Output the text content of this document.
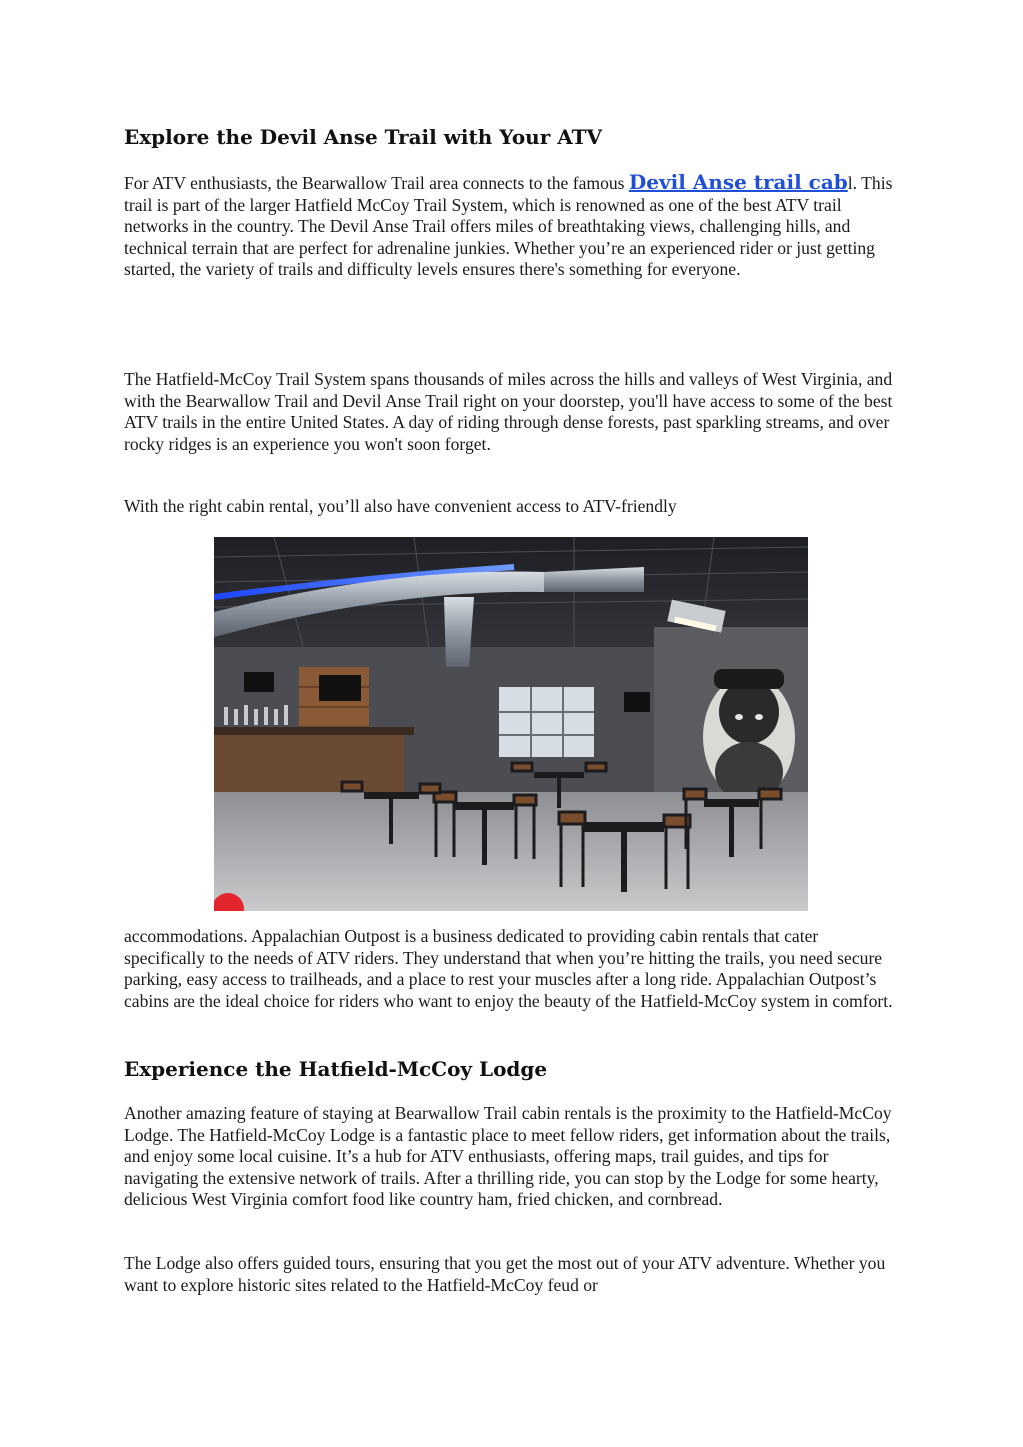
Explore the Devil Anse Trail with Your ATV

For ATV enthusiasts, the Bearwallow Trail area connects to the famous Devil Anse trail cabl. This trail is part of the larger Hatfield McCoy Trail System, which is renowned as one of the best ATV trail networks in the country. The Devil Anse Trail offers miles of breathtaking views, challenging hills, and technical terrain that are perfect for adrenaline junkies. Whether you’re an experienced rider or just getting started, the variety of trails and difficulty levels ensures there's something for everyone.

The Hatfield-McCoy Trail System spans thousands of miles across the hills and valleys of West Virginia, and with the Bearwallow Trail and Devil Anse Trail right on your doorstep, you'll have access to some of the best ATV trails in the entire United States. A day of riding through dense forests, past sparkling streams, and over rocky ridges is an experience you won't soon forget.

With the right cabin rental, you’ll also have convenient access to ATV-friendly

accommodations. Appalachian Outpost is a business dedicated to providing cabin rentals that cater specifically to the needs of ATV riders. They understand that when you’re hitting the trails, you need secure parking, easy access to trailheads, and a place to rest your muscles after a long ride. Appalachian Outpost’s cabins are the ideal choice for riders who want to enjoy the beauty of the Hatfield-McCoy system in comfort.

Experience the Hatfield-McCoy Lodge

Another amazing feature of staying at Bearwallow Trail cabin rentals is the proximity to the Hatfield-McCoy Lodge. The Hatfield-McCoy Lodge is a fantastic place to meet fellow riders, get information about the trails, and enjoy some local cuisine. It’s a hub for ATV enthusiasts, offering maps, trail guides, and tips for navigating the extensive network of trails. After a thrilling ride, you can stop by the Lodge for some hearty, delicious West Virginia comfort food like country ham, fried chicken, and cornbread.

The Lodge also offers guided tours, ensuring that you get the most out of your ATV adventure. Whether you want to explore historic sites related to the Hatfield-McCoy feud or
